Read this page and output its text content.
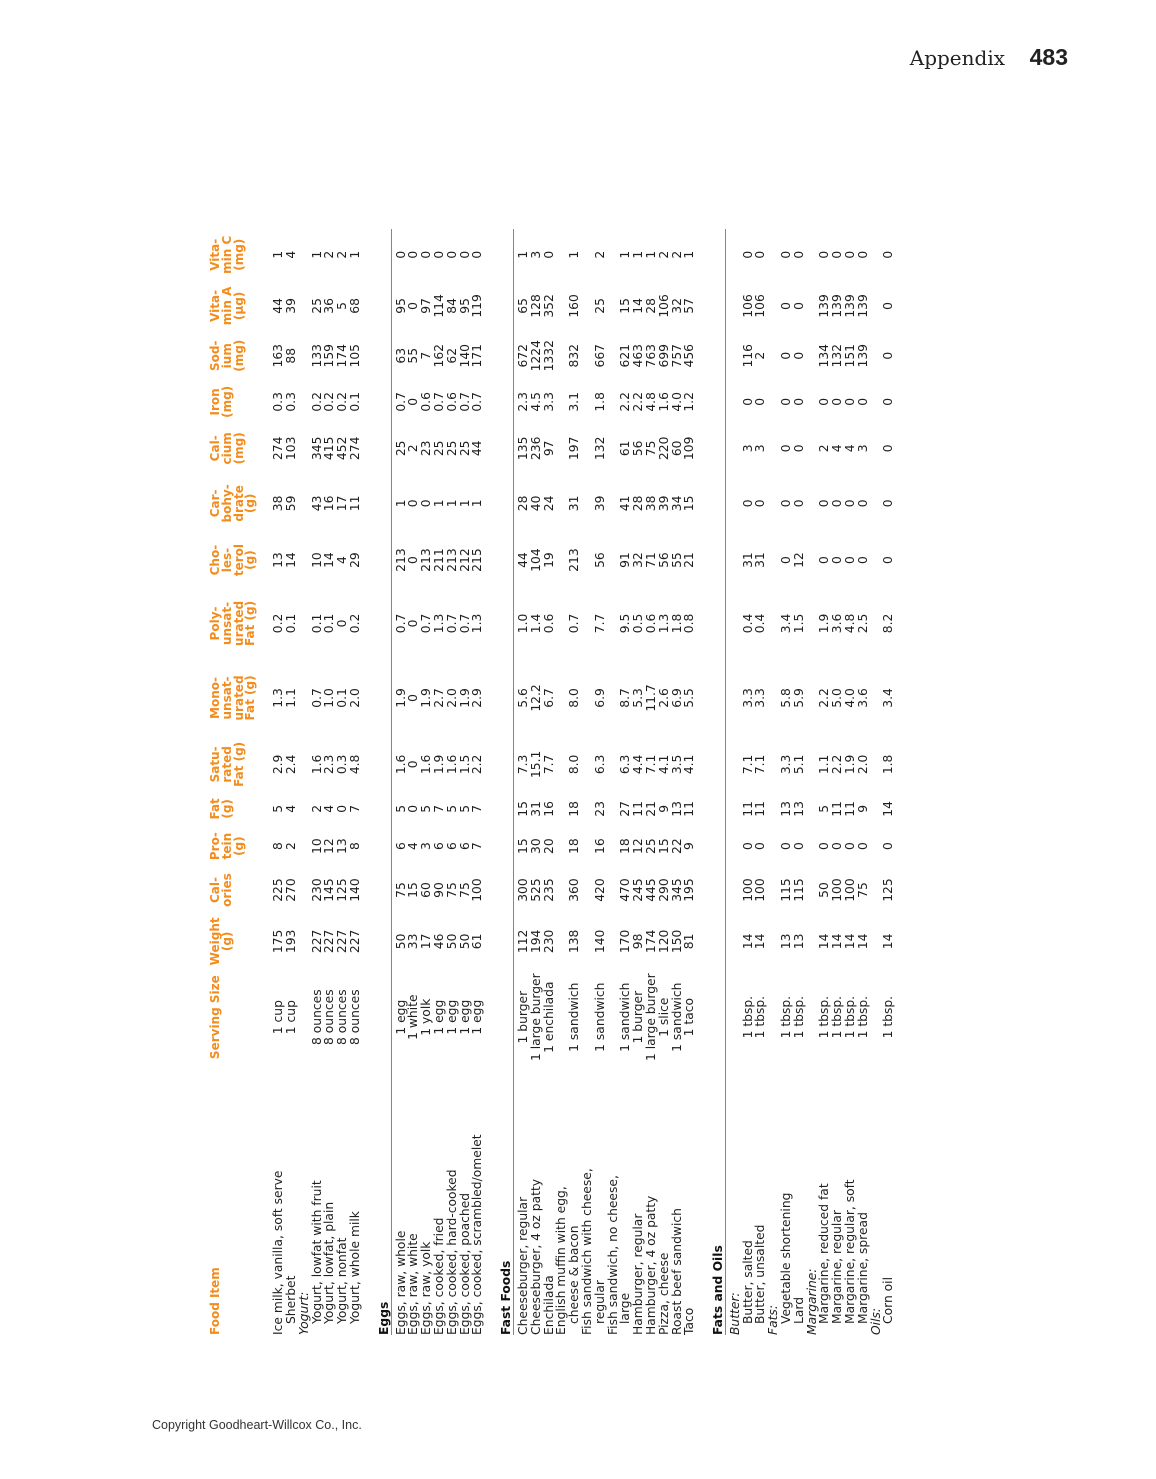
Appendix 483
Food Item	Serving Size	Weight (g)	Cal- ories	Pro- tein (g)	Fat (g)	Satu- rated Fat (g)	Mono- unsat- urated Fat (g)	Poly- unsat- urated Fat (g)	Cho- les- terol (g)	Car- bohy- drate (g)	Cal- cium (mg)	Iron (mg)	Sod- ium (mg)	Vita- min A (µg)	Vita- min C (mg)
Ice milk, vanilla, soft serve	1 cup	175	225	8	5	2.9	1.3	0.2	13	38	274	0.3	163	44	1
Sherbet	1 cup	193	270	2	4	2.4	1.1	0.1	14	59	103	0.3	88	39	4
Yogurt:															
Yogurt, lowfat with fruit	8 ounces	227	230	10	2	1.6	0.7	0.1	10	43	345	0.2	133	25	1
Yogurt, lowfat, plain	8 ounces	227	145	12	4	2.3	1.0	0.1	14	16	415	0.2	159	36	2
Yogurt, nonfat	8 ounces	227	125	13	0	0.3	0.1	0	4	17	452	0.2	174	5	2
Yogurt, whole milk	8 ounces	227	140	8	7	4.8	2.0	0.2	29	11	274	0.1	105	68	1

Eggs															
Eggs, raw, whole	1 egg	50	75	6	5	1.6	1.9	0.7	213	1	25	0.7	63	95	0
Eggs, raw, white	1 white	33	15	4	0	0	0	0	0	0	2	0	55	0	0
Eggs, raw, yolk	1 yolk	17	60	3	5	1.6	1.9	0.7	213	0	23	0.6	7	97	0
Eggs, cooked, fried	1 egg	46	90	6	7	1.9	2.7	1.3	211	1	25	0.7	162	114	0
Eggs, cooked, hard-cooked	1 egg	50	75	6	5	1.6	2.0	0.7	213	1	25	0.6	62	84	0
Eggs, cooked, poached	1 egg	50	75	6	5	1.5	1.9	0.7	212	1	25	0.7	140	95	0
Eggs, cooked, scrambled/omelet	1 egg	61	100	7	7	2.2	2.9	1.3	215	1	44	0.7	171	119	0

Fast Foods															
Cheeseburger, regular	1 burger	112	300	15	15	7.3	5.6	1.0	44	28	135	2.3	672	65	1
Cheeseburger, 4 oz patty	1 large burger	194	525	30	31	15.1	12.2	1.4	104	40	236	4.5	1224	128	3
Enchilada	1 enchilada	230	235	20	16	7.7	6.7	0.6	19	24	97	3.3	1332	352	0
English muffin with egg,															
cheese & bacon	1 sandwich	138	360	18	18	8.0	8.0	0.7	213	31	197	3.1	832	160	1
Fish sandwich with cheese,															
regular	1 sandwich	140	420	16	23	6.3	6.9	7.7	56	39	132	1.8	667	25	2
Fish sandwich, no cheese,															
large	1 sandwich	170	470	18	27	6.3	8.7	9.5	91	41	61	2.2	621	15	1
Hamburger, regular	1 burger	98	245	12	11	4.4	5.3	0.5	32	28	56	2.2	463	14	1
Hamburger, 4 oz patty	1 large burger	174	445	25	21	7.1	11.7	0.6	71	38	75	4.8	763	28	1
Pizza, cheese	1 slice	120	290	15	9	4.1	2.6	1.3	56	39	220	1.6	699	106	2
Roast beef sandwich	1 sandwich	150	345	22	13	3.5	6.9	1.8	55	34	60	4.0	757	32	2
Taco	1 taco	81	195	9	11	4.1	5.5	0.8	21	15	109	1.2	456	57	1

Fats and Oils															
Butter:															
Butter, salted	1 tbsp.	14	100	0	11	7.1	3.3	0.4	31	0	3	0	116	106	0
Butter, unsalted	1 tbsp.	14	100	0	11	7.1	3.3	0.4	31	0	3	0	2	106	0
Fats:															
Vegetable shortening	1 tbsp.	13	115	0	13	3.3	5.8	3.4	0	0	0	0	0	0	0
Lard	1 tbsp.	13	115	0	13	5.1	5.9	1.5	12	0	0	0	0	0	0
Margarine:															
Margarine, reduced fat	1 tbsp.	14	50	0	5	1.1	2.2	1.9	0	0	2	0	134	139	0
Margarine, regular	1 tbsp.	14	100	0	11	2.2	5.0	3.6	0	0	4	0	132	139	0
Margarine, regular, soft	1 tbsp.	14	100	0	11	1.9	4.0	4.8	0	0	4	0	151	139	0
Margarine, spread	1 tbsp.	14	75	0	9	2.0	3.6	2.5	0	0	3	0	139	139	0
Oils:															
Corn oil	1 tbsp.	14	125	0	14	1.8	3.4	8.2	0	0	0	0	0	0	0

Copyright Goodheart-Willcox Co., Inc.
